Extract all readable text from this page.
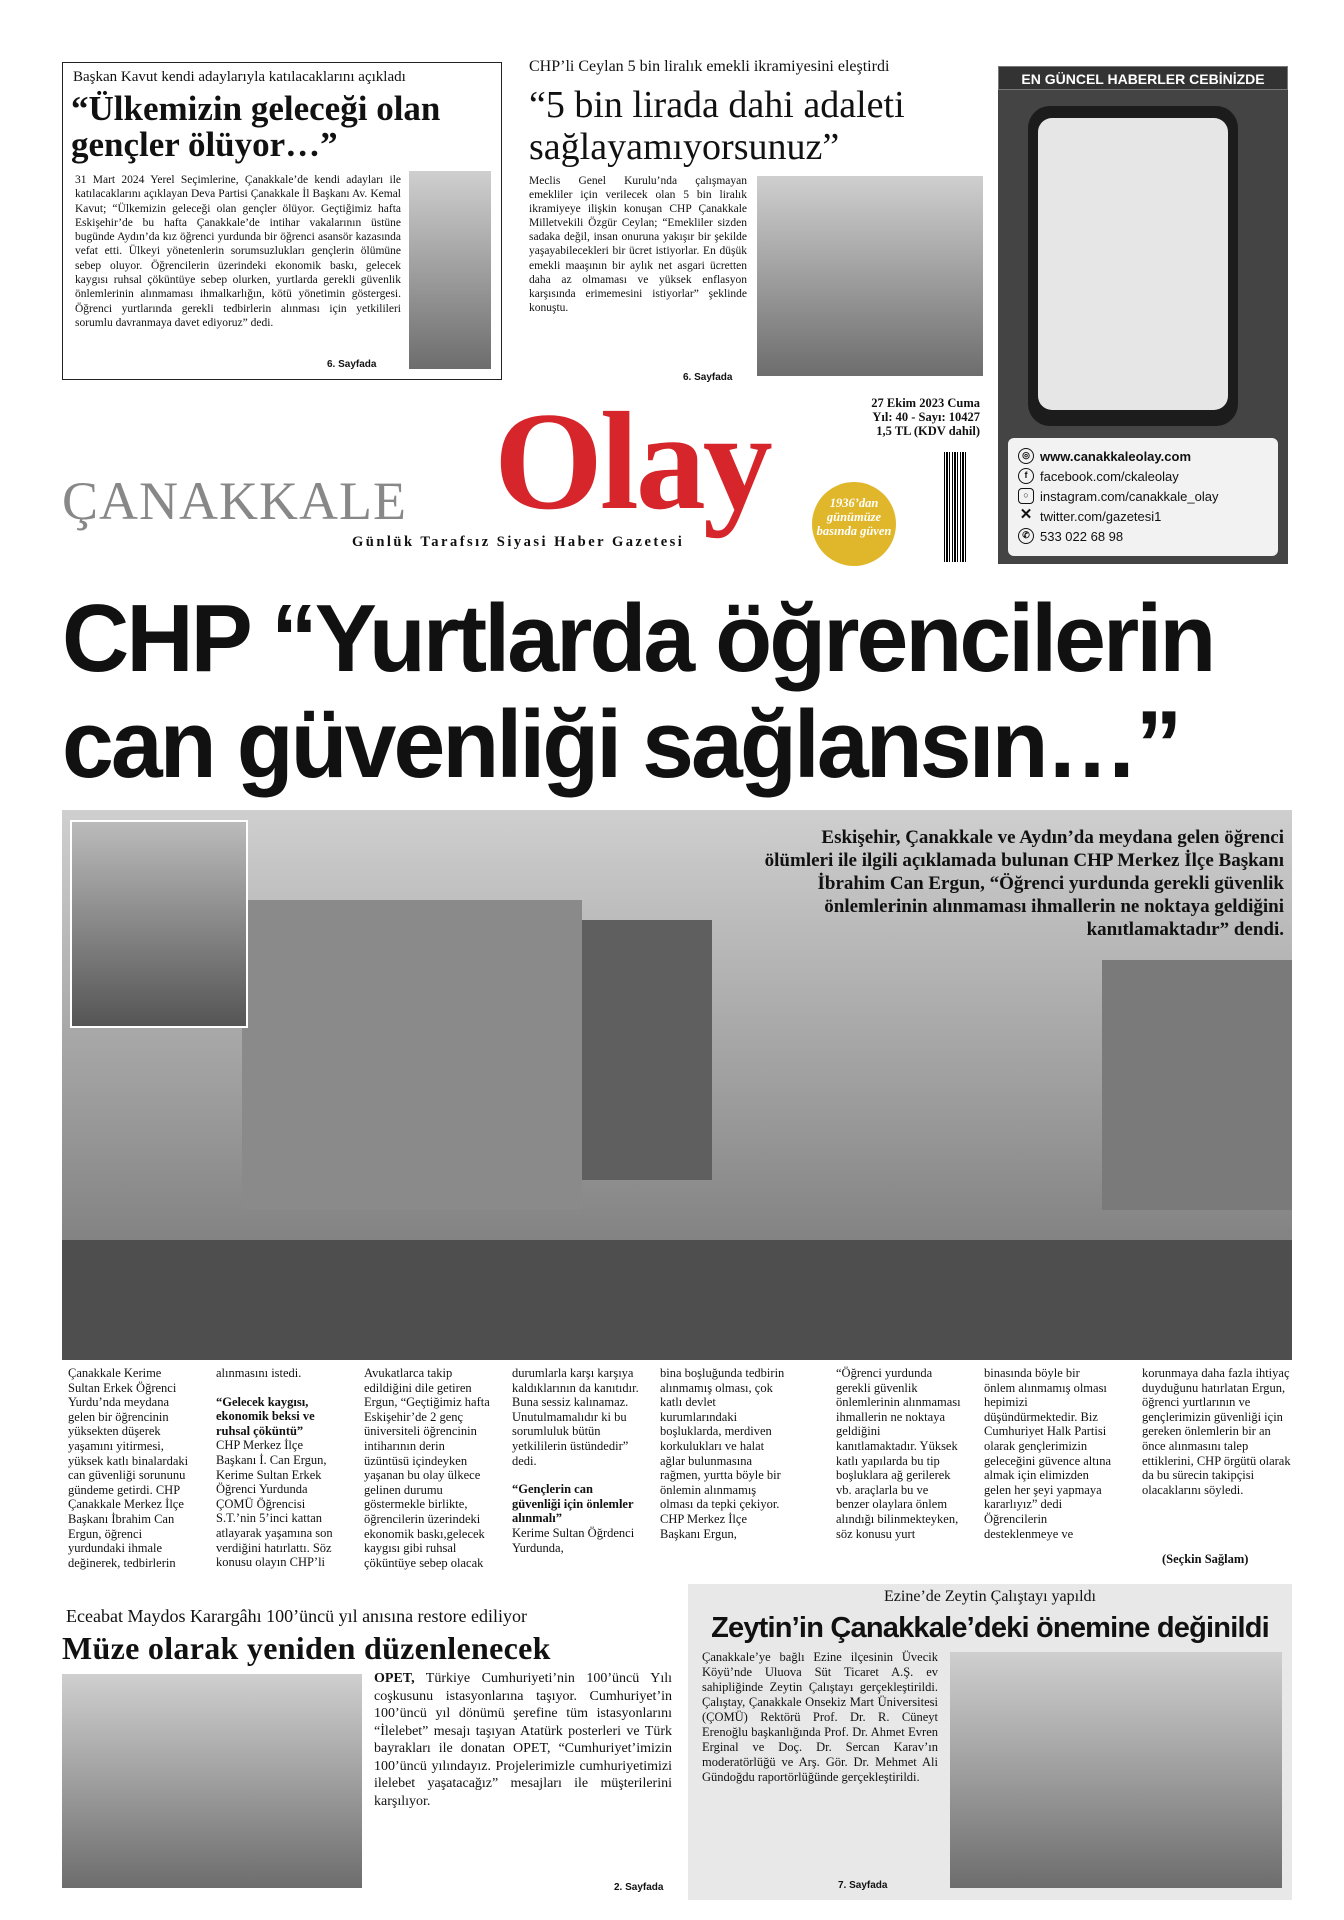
Başkan Kavut kendi adaylarıyla katılacaklarını açıkladı
“Ülkemizin geleceği olan gençler ölüyor…”
31 Mart 2024 Yerel Seçimlerine, Çanakkale’de kendi adayları ile katılacaklarını açıklayan Deva Partisi Çanakkale İl Başkanı Av. Kemal Kavut; “Ülkemizin geleceği olan gençler ölüyor. Geçtiğimiz hafta Eskişehir’de bu hafta Çanakkale’de intihar vakalarının üstüne bugünde Aydın’da kız öğrenci yurdunda bir öğrenci asansör kazasında vefat etti. Ülkeyi yönetenlerin sorumsuzlukları gençlerin ölümüne sebep oluyor. Öğrencilerin üzerindeki ekonomik baskı, gelecek kaygısı ruhsal çöküntüye sebep olurken, yurtlarda gerekli güvenlik önlemlerinin alınmaması ihmalkarlığın, kötü yönetimin göstergesi. Öğrenci yurtlarında gerekli tedbirlerin alınması için yetkilileri sorumlu davranmaya davet ediyoruz” dedi.
6. Sayfada
CHP’li Ceylan 5 bin liralık emekli ikramiyesini eleştirdi
“5 bin lirada dahi adaleti sağlayamıyorsunuz”
Meclis Genel Kurulu’nda çalışmayan emekliler için verilecek olan 5 bin liralık ikramiyeye ilişkin konuşan CHP Çanakkale Milletvekili Özgür Ceylan; “Emekliler sizden sadaka değil, insan onuruna yakışır bir şekilde yaşayabilecekleri bir ücret istiyorlar. En düşük emekli maaşının bir aylık net asgari ücretten daha az olmaması ve yüksek enflasyon karşısında erimemesini istiyorlar” şeklinde konuştu.
6. Sayfada
EN GÜNCEL HABERLER CEBİNİZDE
◎ www.canakkaleolay.com
f facebook.com/ckaleolay
○ instagram.com/canakkale_olay
✕ twitter.com/gazetesi1
✆ 533 022 68 98
27 Ekim 2023 Cuma
Yıl: 40 - Sayı: 10427
1,5 TL (KDV dahil)
ÇANAKKALE Olay
Günlük Tarafsız Siyasi Haber Gazetesi
1936’dan günümüze basında güven
CHP “Yurtlarda öğrencilerin can güvenliği sağlansın…”
Eskişehir, Çanakkale ve Aydın’da meydana gelen öğrenci ölümleri ile ilgili açıklamada bulunan CHP Merkez İlçe Başkanı İbrahim Can Ergun, “Öğrenci yurdunda gerekli güvenlik önlemlerinin alınmaması ihmallerin ne noktaya geldiğini kanıtlamaktadır” dendi.
Çanakkale Kerime Sultan Erkek Öğrenci Yurdu’nda meydana gelen bir öğrencinin yüksekten düşerek yaşamını yitirmesi, yüksek katlı binalardaki can güvenliği sorununu gündeme getirdi. CHP Çanakkale Merkez İlçe Başkanı İbrahim Can Ergun, öğrenci yurdundaki ihmale değinerek, tedbirlerin
alınmasını istedi.
“Gelecek kaygısı, ekonomik beksi ve ruhsal çöküntü”
CHP Merkez İlçe Başkanı İ. Can Ergun, Kerime Sultan Erkek Öğrenci Yurdunda ÇOMÜ Öğrencisi S.T.’nin 5’inci kattan atlayarak yaşamına son verdiğini hatırlattı. Söz konusu olayın CHP’li
Avukatlarca takip edildiğini dile getiren Ergun, “Geçtiğimiz hafta Eskişehir’de 2 genç üniversiteli öğrencinin intiharının derin üzüntüsü içindeyken yaşanan bu olay ülkece gelinen durumu göstermekle birlikte, öğrencilerin üzerindeki ekonomik baskı,gelecek kaygısı gibi ruhsal çöküntüye sebep olacak
durumlarla karşı karşıya kaldıklarının da kanıtıdır. Buna sessiz kalınamaz. Unutulmamalıdır ki bu sorumluluk bütün yetkililerin üstündedir” dedi.
“Gençlerin can güvenliği için önlemler alınmalı”
Kerime Sultan Öğrdenci Yurdunda,
bina boşluğunda tedbirin alınmamış olması, çok katlı devlet kurumlarındaki boşluklarda, merdiven korkulukları ve halat ağlar bulunmasına rağmen, yurtta böyle bir önlemin alınmamış olması da tepki çekiyor. CHP Merkez İlçe Başkanı Ergun,
“Öğrenci yurdunda gerekli güvenlik önlemlerinin alınmaması ihmallerin ne noktaya geldiğini kanıtlamaktadır. Yüksek katlı yapılarda bu tip boşluklara ağ gerilerek vb. araçlarla bu ve benzer olaylara önlem alındığı bilinmekteyken, söz konusu yurt
binasında böyle bir önlem alınmamış olması hepimizi düşündürmektedir. Biz Cumhuriyet Halk Partisi olarak gençlerimizin geleceğini güvence altına almak için elimizden gelen her şeyi yapmaya kararlıyız” dedi Öğrencilerin desteklenmeye ve
korunmaya daha fazla ihtiyaç duyduğunu hatırlatan Ergun, öğrenci yurtlarının ve gençlerimizin güvenliği için gereken önlemlerin bir an önce alınmasını talep ettiklerini, CHP örgütü olarak da bu sürecin takipçisi olacaklarını söyledi.
(Seçkin Sağlam)
Eceabat Maydos Karargâhı 100’üncü yıl anısına restore ediliyor
Müze olarak yeniden düzenlenecek
OPET, Türkiye Cumhuriyeti’nin 100’üncü Yılı coşkusunu istasyonlarına taşıyor. Cumhuriyet’in 100’üncü yıl dönümü şerefine tüm istasyonlarını “İlelebet” mesajı taşıyan Atatürk posterleri ve Türk bayrakları ile donatan OPET, “Cumhuriyet’imizin 100’üncü yılındayız. Projelerimizle cumhuriyetimizi ilelebet yaşatacağız” mesajları ile müşterilerini karşılıyor.
2. Sayfada
Ezine’de Zeytin Çalıştayı yapıldı
Zeytin’in Çanakkale’deki önemine değinildi
Çanakkale’ye bağlı Ezine ilçesinin Üvecik Köyü’nde Uluova Süt Ticaret A.Ş. ev sahipliğinde Zeytin Çalıştayı gerçekleştirildi. Çalıştay, Çanakkale Onsekiz Mart Üniversitesi (ÇOMÜ) Rektörü Prof. Dr. R. Cüneyt Erenoğlu başkanlığında Prof. Dr. Ahmet Evren Erginal ve Doç. Dr. Sercan Karav’ın moderatörlüğü ve Arş. Gör. Dr. Mehmet Ali Gündoğdu raportörlüğünde gerçekleştirildi.
7. Sayfada
